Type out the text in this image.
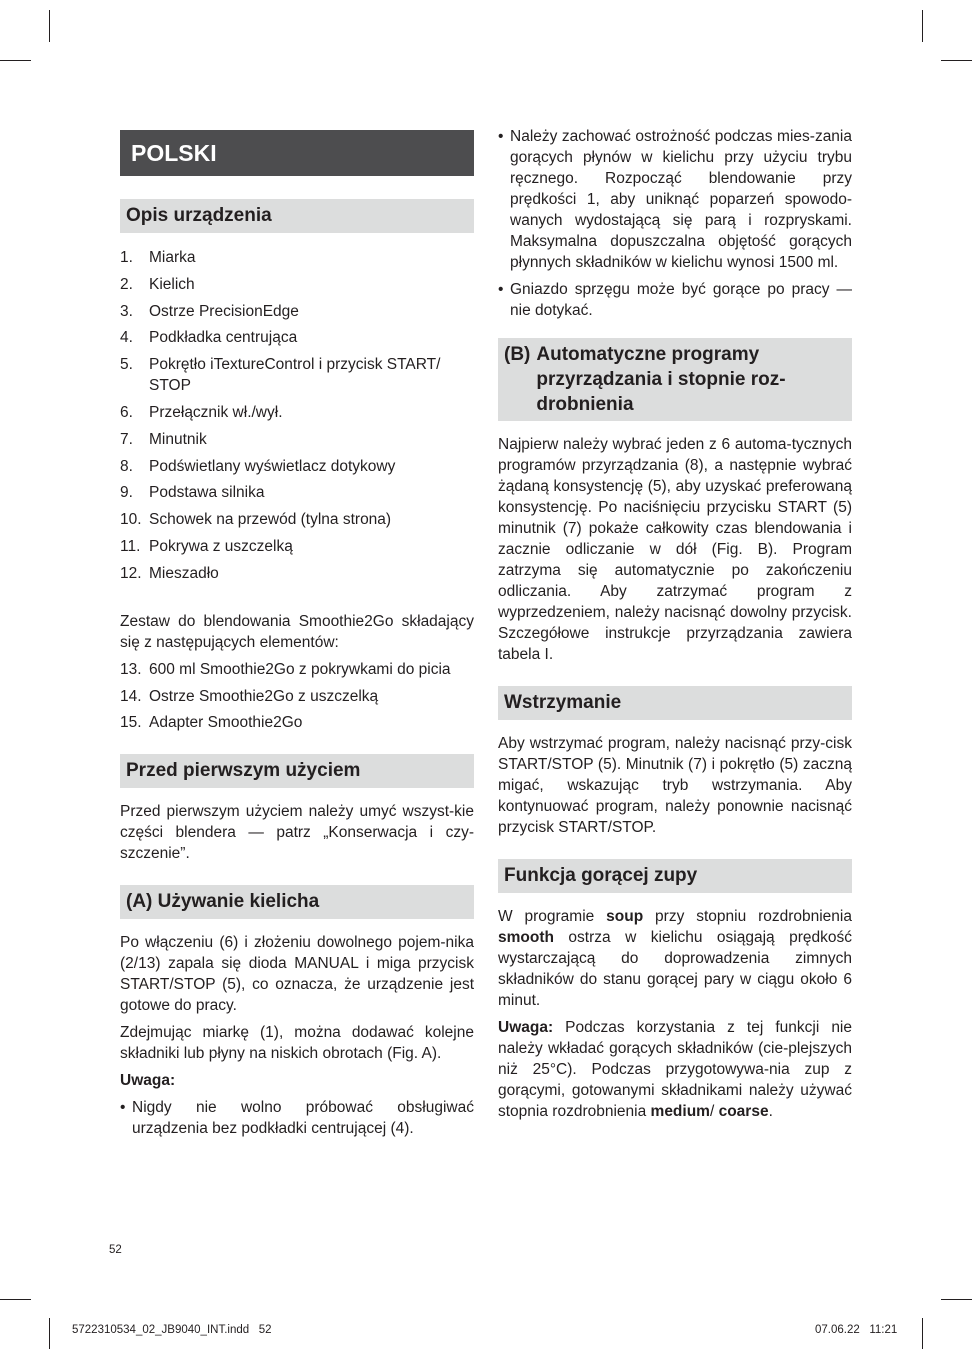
POLSKI
Opis urządzenia
1.	Miarka
2.	Kielich
3.	Ostrze PrecisionEdge
4.	Podkładka centrująca
5.	Pokrętło iTextureControl i przycisk START/ STOP
6.	Przełącznik wł./wył.
7.	Minutnik
8.	Podświetlany wyświetlacz dotykowy
9.	Podstawa silnika
10. Schowek na przewód (tylna strona)
11. Pokrywa z uszczelką
12. Mieszadło

Zestaw do blendowania Smoothie2Go składający się z następujących elementów:

13. 600 ml Smoothie2Go z pokrywkami do picia
14. Ostrze Smoothie2Go z uszczelką
15. Adapter Smoothie2Go
Przed pierwszym użyciem

Przed pierwszym użyciem należy umyć wszyst-kie części blendera — patrz „Konserwacja i czy-szczenie”.

(A) Używanie kielicha

Po włączeniu (6) i złożeniu dowolnego pojem-nika (2/13) zapala się dioda MANUAL i miga przycisk START/STOP (5), co oznacza, że urządzenie jest gotowe do pracy.

Zdejmując miarkę (1), można dodawać kolejne składniki lub płyny na niskich obrotach (Fig. A).

Uwaga:

• Nigdy nie wolno próbować obsługiwać urządzenia bez podkładki centrującej (4).
• Należy zachować ostrożność podczas mies-zania gorących płynów w kielichu przy użyciu trybu ręcznego. Rozpocząć blendowanie przy prędkości 1, aby uniknąć poparzeń spowodo-wanych wydostającą się parą i rozpryskami. Maksymalna dopuszczalna objętość gorących płynnych składników w kielichu wynosi 1500 ml.
• Gniazdo sprzęgu może być gorące po pracy — nie dotykać.
(B) Automatyczne programy przyrządzania i stopnie roz-drobnienia

Najpierw należy wybrać jeden z 6 automa-tycznych programów przyrządzania (8), a następnie wybrać żądaną konsystencję (5), aby uzyskać preferowaną konsystencję. Po naciśnięciu przycisku START (5) minutnik (7) pokaże całkowity czas blendowania i zacznie odliczanie w dół (Fig. B). Program zatrzyma się automatycznie po zakończeniu odliczania. Aby zatrzymać program z wyprzedzeniem, należy nacisnąć dowolny przycisk. Szczegółowe instrukcje przyrządzania zawiera tabela I.

Wstrzymanie

Aby wstrzymać program, należy nacisnąć przy-cisk START/STOP (5). Minutnik (7) i pokrętło (5) zaczną migać, wskazując tryb wstrzymania. Aby kontynuować program, należy ponownie nacisnąć przycisk START/STOP.

Funkcja gorącej zupy

W programie soup przy stopniu rozdrobnienia smooth ostrza w kielichu osiągają prędkość wystarczającą do doprowadzenia zimnych składników do stanu gorącej pary w ciągu około 6 minut.

Uwaga: Podczas korzystania z tej funkcji nie należy wkładać gorących składników (cie-plejszych niż 25°C). Podczas przygotowywa-nia zup z gorącymi, gotowanymi składnikami należy używać stopnia rozdrobnienia medium/ coarse.

52
5722310534_02_JB9040_INT.indd   52	07.06.22   11:21
